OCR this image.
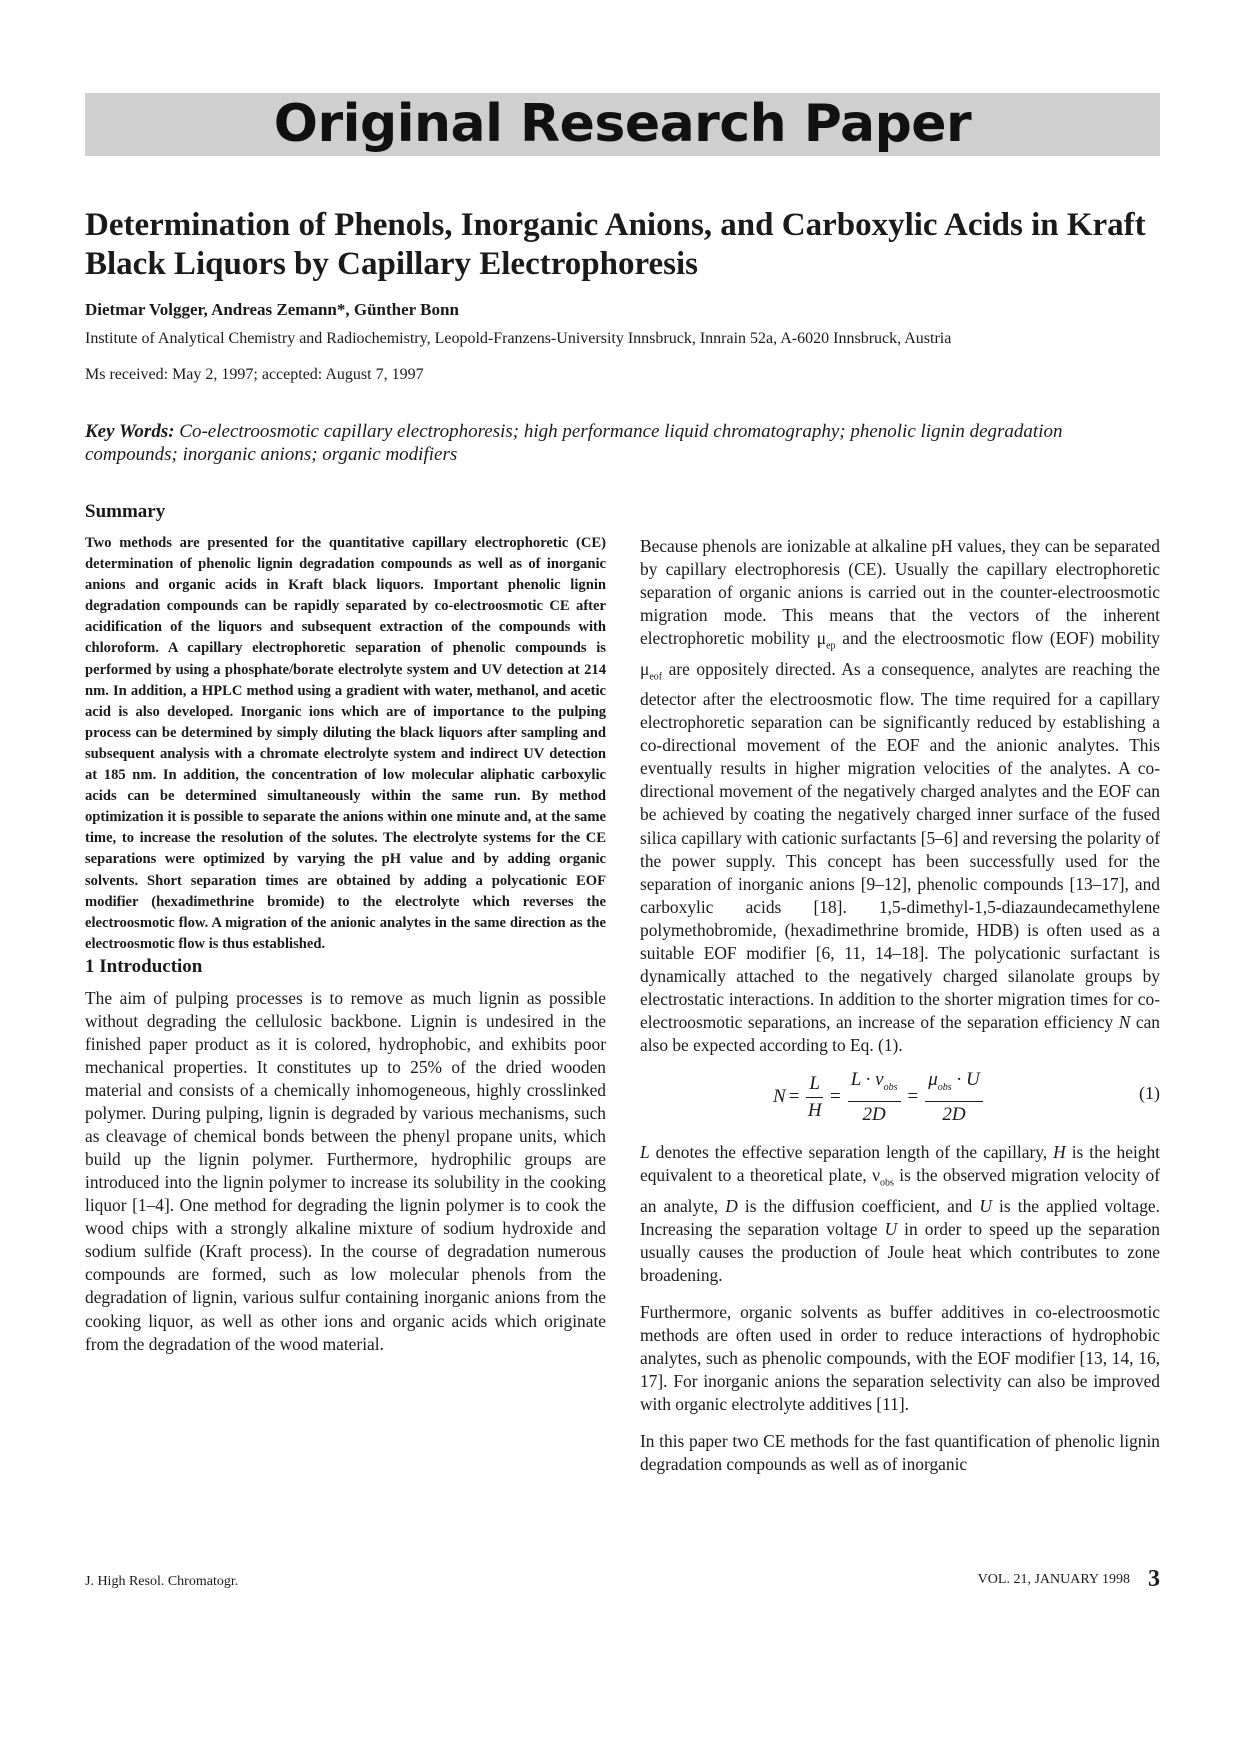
Original Research Paper
Determination of Phenols, Inorganic Anions, and Carboxylic Acids in Kraft Black Liquors by Capillary Electrophoresis
Dietmar Volgger, Andreas Zemann*, Günther Bonn
Institute of Analytical Chemistry and Radiochemistry, Leopold-Franzens-University Innsbruck, Innrain 52a, A-6020 Innsbruck, Austria
Ms received: May 2, 1997; accepted: August 7, 1997
Key Words: Co-electroosmotic capillary electrophoresis; high performance liquid chromatography; phenolic lignin degradation compounds; inorganic anions; organic modifiers
Summary

Two methods are presented for the quantitative capillary electrophoretic (CE) determination of phenolic lignin degradation compounds as well as of inorganic anions and organic acids in Kraft black liquors. Important phenolic lignin degradation compounds can be rapidly separated by co-electroosmotic CE after acidification of the liquors and subsequent extraction of the compounds with chloroform. A capillary electrophoretic separation of phenolic compounds is performed by using a phosphate/borate electrolyte system and UV detection at 214 nm. In addition, a HPLC method using a gradient with water, methanol, and acetic acid is also developed. Inorganic ions which are of importance to the pulping process can be determined by simply diluting the black liquors after sampling and subsequent analysis with a chromate electrolyte system and indirect UV detection at 185 nm. In addition, the concentration of low molecular aliphatic carboxylic acids can be determined simultaneously within the same run. By method optimization it is possible to separate the anions within one minute and, at the same time, to increase the resolution of the solutes. The electrolyte systems for the CE separations were optimized by varying the pH value and by adding organic solvents. Short separation times are obtained by adding a polycationic EOF modifier (hexadimethrine bromide) to the electrolyte which reverses the electroosmotic flow. A migration of the anionic analytes in the same direction as the electroosmotic flow is thus established.

1 Introduction

The aim of pulping processes is to remove as much lignin as possible without degrading the cellulosic backbone. Lignin is undesired in the finished paper product as it is colored, hydrophobic, and exhibits poor mechanical properties. It constitutes up to 25% of the dried wooden material and consists of a chemically inhomogeneous, highly crosslinked polymer. During pulping, lignin is degraded by various mechanisms, such as cleavage of chemical bonds between the phenyl propane units, which build up the lignin polymer. Furthermore, hydrophilic groups are introduced into the lignin polymer to increase its solubility in the cooking liquor [1–4]. One method for degrading the lignin polymer is to cook the wood chips with a strongly alkaline mixture of sodium hydroxide and sodium sulfide (Kraft process). In the course of degradation numerous compounds are formed, such as low molecular phenols from the degradation of lignin, various sulfur containing inorganic anions from the cooking liquor, as well as other ions and organic acids which originate from the degradation of the wood material.

Because phenols are ionizable at alkaline pH values, they can be separated by capillary electrophoresis (CE). Usually the capillary electrophoretic separation of organic anions is carried out in the counter-electroosmotic migration mode. This means that the vectors of the inherent electrophoretic mobility $\mu_{ep}$ and the electroosmotic flow (EOF) mobility $\mu_{eof}$ are oppositely directed. As a consequence, analytes are reaching the detector after the electroosmotic flow. The time required for a capillary electrophoretic separation can be significantly reduced by establishing a co-directional movement of the EOF and the anionic analytes. This eventually results in higher migration velocities of the analytes. A co-directional movement of the negatively charged analytes and the EOF can be achieved by coating the negatively charged inner surface of the fused silica capillary with cationic surfactants [5–6] and reversing the polarity of the power supply. This concept has been successfully used for the separation of inorganic anions [9–12], phenolic compounds [13–17], and carboxylic acids [18]. 1,5-dimethyl-1,5-diazaundecamethylene polymethobromide, (hexadimethrine bromide, HDB) is often used as a suitable EOF modifier [6, 11, 14–18]. The polycationic surfactant is dynamically attached to the negatively charged silanolate groups by electrostatic interactions. In addition to the shorter migration times for co-electroosmotic separations, an increase of the separation efficiency N can also be expected according to Eq. (1).

$N = \frac{L}{H} = \frac{L \cdot v_{obs}}{2D} = \frac{\mu_{obs} \cdot U}{2D}$	(1)

L denotes the effective separation length of the capillary, H is the height equivalent to a theoretical plate, $\nu_{obs}$ is the observed migration velocity of an analyte, D is the diffusion coefficient, and U is the applied voltage. Increasing the separation voltage U in order to speed up the separation usually causes the production of Joule heat which contributes to zone broadening.

Furthermore, organic solvents as buffer additives in co-electroosmotic methods are often used in order to reduce interactions of hydrophobic analytes, such as phenolic compounds, with the EOF modifier [13, 14, 16, 17]. For inorganic anions the separation selectivity can also be improved with organic electrolyte additives [11].

In this paper two CE methods for the fast quantification of phenolic lignin degradation compounds as well as of inorganic

J. High Resol. Chromatogr.	VOL. 21, JANUARY 1998 3
